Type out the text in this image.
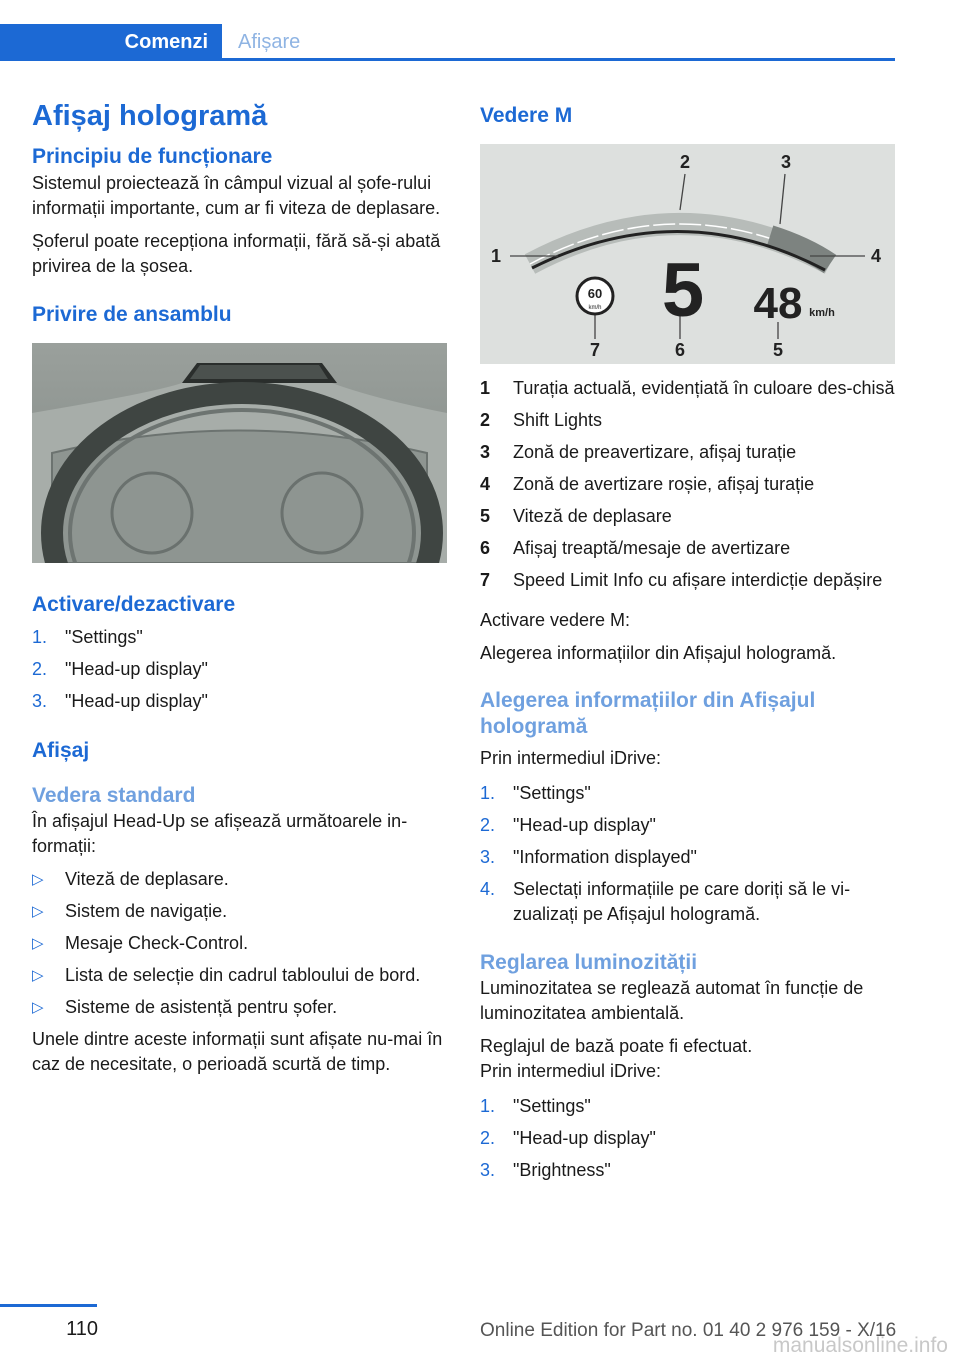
Comenzi	Afișare
Afișaj hologramă
Principiu de funcționare

Sistemul proiectează în câmpul vizual al șofe-rului informații importante, cum ar fi viteza de deplasare.

Șoferul poate recepționa informații, fără să-și abată privirea de la șosea.

Privire de ansamblu
Activare/dezactivare
1. "Settings"
2. "Head-up display"
3. "Head-up display"
Afișaj
Vedera standard

În afișajul Head-Up se afișează următoarele in-formații:

▷ Viteză de deplasare.
▷ Sistem de navigație.
▷ Mesaje Check-Control.
▷ Lista de selecție din cadrul tabloului de bord.
▷ Sisteme de asistență pentru șofer.

Unele dintre aceste informații sunt afișate nu-mai în caz de necesitate, o perioadă scurtă de timp.

Vedere M
60
km/h 5 48 km/h
1
2	3
4
5
6
7
1 Turația actuală, evidențiată în culoare des-chisă
2 Shift Lights
3 Zonă de preavertizare, afișaj turație
4 Zonă de avertizare roșie, afișaj turație
5 Viteză de deplasare
6 Afișaj treaptă/mesaje de avertizare
7 Speed Limit Info cu afișare interdicție depășire

Activare vedere M:

Alegerea informațiilor din Afișajul hologramă.

Alegerea informațiilor din Afișajul hologramă

Prin intermediul iDrive:

1. "Settings"
2. "Head-up display"
3. "Information displayed"
4. Selectați informațiile pe care doriți să le vi-zualizați pe Afișajul hologramă.
Reglarea luminozității

Luminozitatea se reglează automat în funcție de luminozitatea ambientală.

Reglajul de bază poate fi efectuat.

Prin intermediul iDrive:

1. "Settings"
2. "Head-up display"
3. "Brightness"
110	Online Edition for Part no. 01 40 2 976 159 - X/16
manualsonline.info
